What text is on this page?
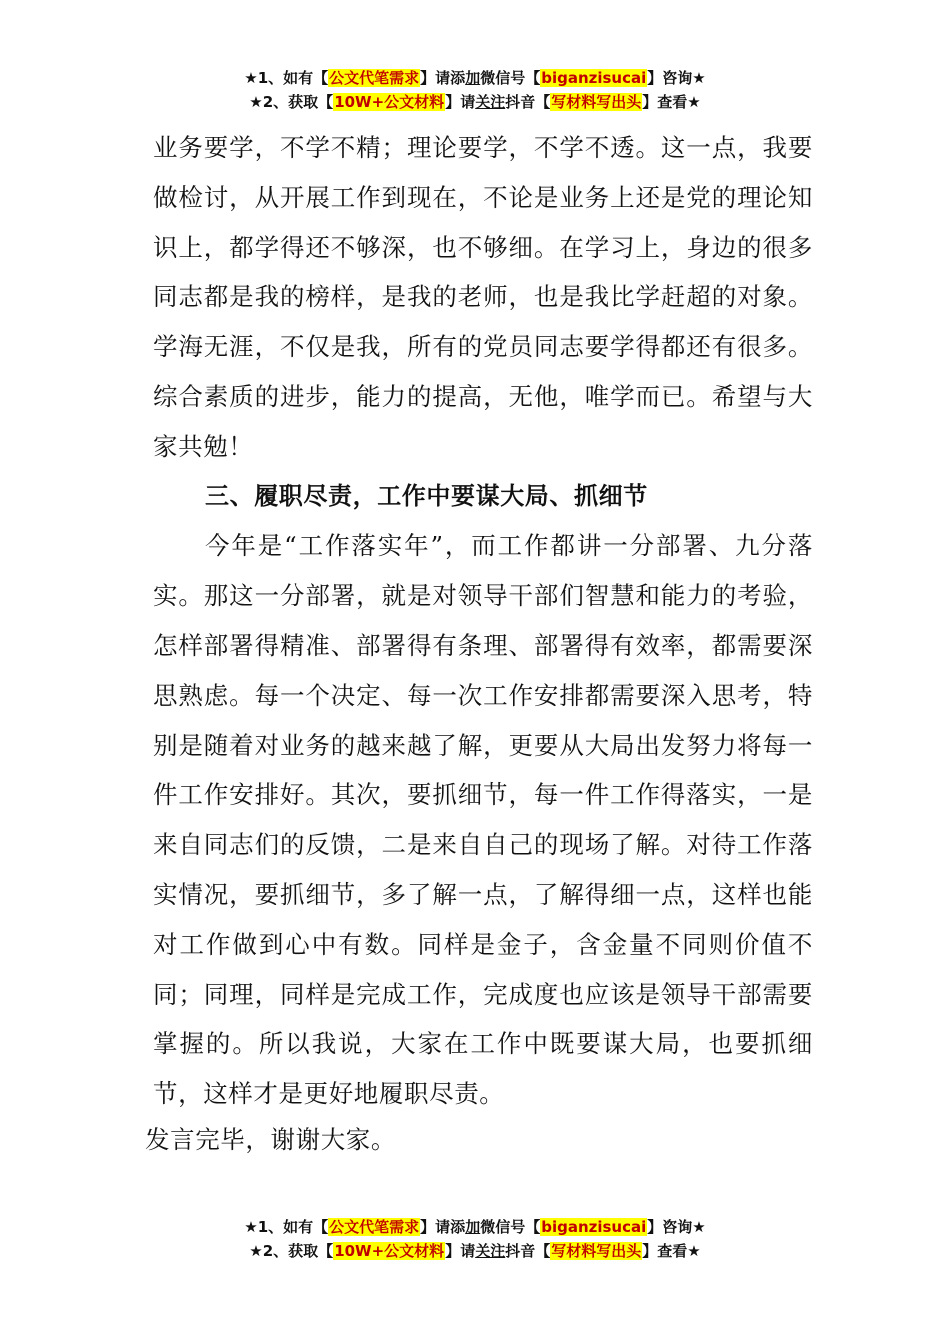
★1、如有【公文代笔需求】请添加微信号【biganzisucai】咨询★
★2、获取【10W+公文材料】请关注抖音【写材料写出头】查看★

业务要学，不学不精；理论要学，不学不透。这一点，我要做检讨，从开展工作到现在，不论是业务上还是党的理论知识上，都学得还不够深，也不够细。在学习上，身边的很多同志都是我的榜样，是我的老师，也是我比学赶超的对象。学海无涯，不仅是我，所有的党员同志要学得都还有很多。综合素质的进步，能力的提高，无他，唯学而已。希望与大家共勉！

三、履职尽责，工作中要谋大局、抓细节

今年是“工作落实年”，而工作都讲一分部署、九分落实。那这一分部署，就是对领导干部们智慧和能力的考验，怎样部署得精准、部署得有条理、部署得有效率，都需要深思熟虑。每一个决定、每一次工作安排都需要深入思考，特别是随着对业务的越来越了解，更要从大局出发努力将每一件工作安排好。其次，要抓细节，每一件工作得落实，一是来自同志们的反馈，二是来自自己的现场了解。对待工作落实情况，要抓细节，多了解一点，了解得细一点，这样也能对工作做到心中有数。同样是金子，含金量不同则价值不同；同理，同样是完成工作，完成度也应该是领导干部需要掌握的。所以我说，大家在工作中既要谋大局，也要抓细节，这样才是更好地履职尽责。

发言完毕，谢谢大家。
★1、如有【公文代笔需求】请添加微信号【biganzisucai】咨询★
★2、获取【10W+公文材料】请关注抖音【写材料写出头】查看★
